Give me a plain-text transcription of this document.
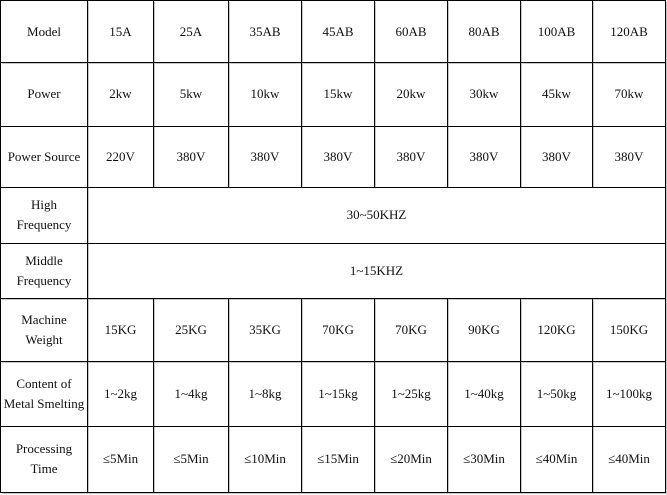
Model	15A	25A	35AB	45AB	60AB	80AB	100AB	120AB
Power	2kw	5kw	10kw	15kw	20kw	30kw	45kw	70kw
Power Source	220V	380V	380V	380V	380V	380V	380V	380V
High Frequency	30~50KHZ							
Middle Frequency	1~15KHZ							
Machine Weight	15KG	25KG	35KG	70KG	70KG	90KG	120KG	150KG
Content of Metal Smelting	1~2kg	1~4kg	1~8kg	1~15kg	1~25kg	1~40kg	1~50kg	1~100kg
Processing Time	≤5Min	≤5Min	≤10Min	≤15Min	≤20Min	≤30Min	≤40Min	≤40Min
